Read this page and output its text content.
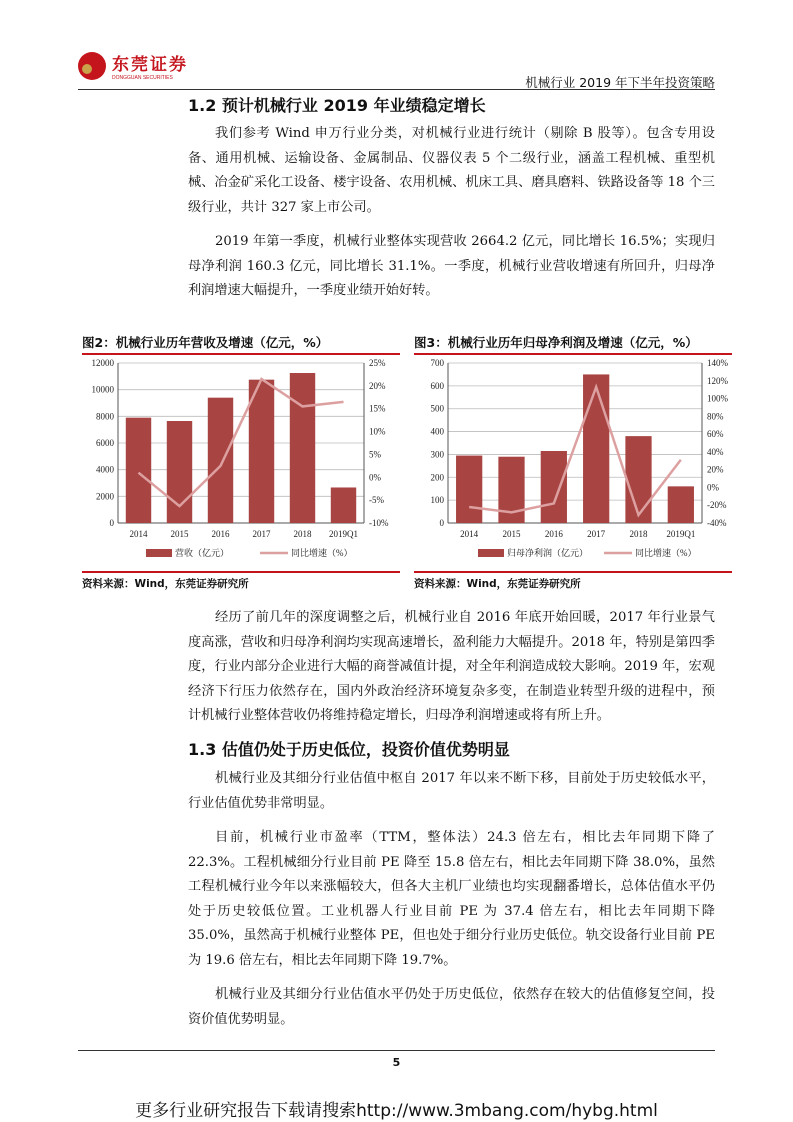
东莞证券
DONGGUAN SECURITIES	机械行业 2019 年下半年投资策略
1.2 预计机械行业 2019 年业绩稳定增长

我们参考 Wind 申万行业分类，对机械行业进行统计（剔除 B 股等）。包含专用设备、通用机械、运输设备、金属制品、仪器仪表 5 个二级行业，涵盖工程机械、重型机械、冶金矿采化工设备、楼宇设备、农用机械、机床工具、磨具磨料、铁路设备等 18 个三级行业，共计 327 家上市公司。

2019 年第一季度，机械行业整体实现营收 2664.2 亿元，同比增长 16.5%；实现归母净利润 160.3 亿元，同比增长 31.1%。一季度，机械行业营收增速有所回升，归母净利润增速大幅提升，一季度业绩开始好转。

图2：机械行业历年营收及增速（亿元，%）
0
2000
4000
6000
8000
10000
12000
-10%
-5%
0%
5%
10%
15%
20%
25%
2014	2015	2016	2017	2018 2019Q1
营收（亿元）	同比增速（%）
资料来源：Wind，东莞证券研究所
图3：机械行业历年归母净利润及增速（亿元，%）
0
100
200
300
400
500
600
700
-40%
-20%
0%
20%
40%
60%
80%
100%
120%
140%
2014	2015	2016	2017	2018 2019Q1
归母净利润（亿元）	同比增速（%）
资料来源：Wind，东莞证券研究所

经历了前几年的深度调整之后，机械行业自 2016 年底开始回暖，2017 年行业景气度高涨，营收和归母净利润均实现高速增长，盈利能力大幅提升。2018 年，特别是第四季度，行业内部分企业进行大幅的商誉减值计提，对全年利润造成较大影响。2019 年，宏观经济下行压力依然存在，国内外政治经济环境复杂多变，在制造业转型升级的进程中，预计机械行业整体营收仍将维持稳定增长，归母净利润增速或将有所上升。

1.3 估值仍处于历史低位，投资价值优势明显

机械行业及其细分行业估值中枢自 2017 年以来不断下移，目前处于历史较低水平，行业估值优势非常明显。

目前，机械行业市盈率（TTM，整体法）24.3 倍左右，相比去年同期下降了 22.3%。工程机械细分行业目前 PE 降至 15.8 倍左右，相比去年同期下降 38.0%，虽然工程机械行业今年以来涨幅较大，但各大主机厂业绩也均实现翻番增长，总体估值水平仍处于历史较低位置。工业机器人行业目前 PE 为 37.4 倍左右，相比去年同期下降 35.0%，虽然高于机械行业整体 PE，但也处于细分行业历史低位。轨交设备行业目前 PE 为 19.6 倍左右，相比去年同期下降 19.7%。

机械行业及其细分行业估值水平仍处于历史低位，依然存在较大的估值修复空间，投资价值优势明显。

5
更多行业研究报告下载请搜索http://www.3mbang.com/hybg.html
